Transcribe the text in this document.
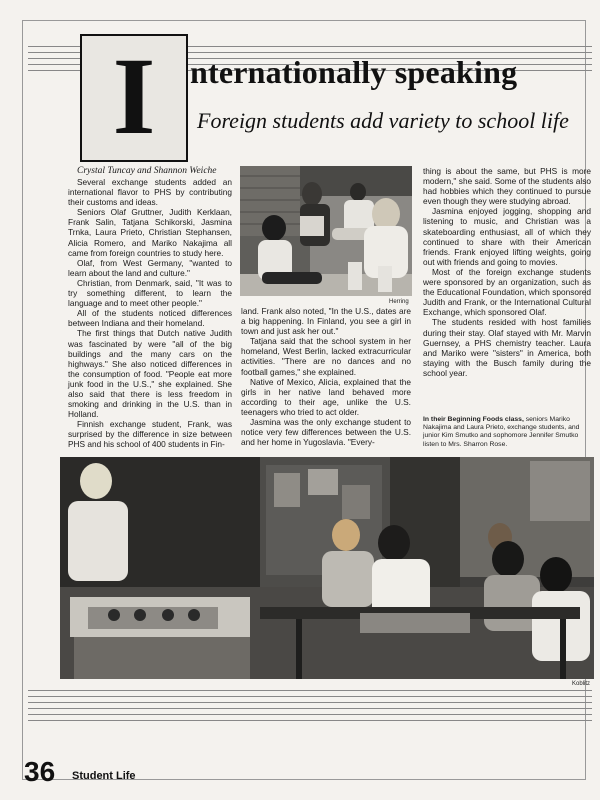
I nternationally speaking
Foreign students add variety to school life

Crystal Tuncay and Shannon Weiche

Several exchange students added an international flavor to PHS by contributing their customs and ideas.

Seniors Olaf Gruttner, Judith Kerklaan, Frank Salin, Tatjana Schikorski, Jasmina Trnka, Laura Prieto, Christian Stephansen, Alicia Romero, and Mariko Nakajima all came from foreign countries to study here.

Olaf, from West Germany, "wanted to learn about the land and culture."

Christian, from Denmark, said, "It was to try something different, to learn the language and to meet other people."

All of the students noticed differences between Indiana and their homeland.

The first things that Dutch native Judith was fascinated by were "all of the big buildings and the many cars on the highways." She also noticed differences in the consumption of food. "People eat more junk food in the U.S.," she explained. She also said that there is less freedom in smoking and drinking in the U.S. than in Holland.

Finnish exchange student, Frank, was surprised by the difference in size between PHS and his school of 400 students in Fin-

Herring

land. Frank also noted, "In the U.S., dates are a big happening. In Finland, you see a girl in town and just ask her out."

Tatjana said that the school system in her homeland, West Berlin, lacked extracurricular activities. "There are no dances and no football games," she explained.

Native of Mexico, Alicia, explained that the girls in her native land behaved more according to their age, unlike the U.S. teenagers who tried to act older.

Jasmina was the only exchange student to notice very few differences between the U.S. and her home in Yugoslavia. "Every-

thing is about the same, but PHS is more modern," she said. Some of the students also had hobbies which they continued to pursue even though they were studying abroad.

Jasmina enjoyed jogging, shopping and listening to music, and Christian was a skateboarding enthusiast, all of which they continued to share with their American friends. Frank enjoyed lifting weights, going out with friends and going to movies.

Most of the foreign exchange students were sponsored by an organization, such as the Educational Foundation, which sponsored Judith and Frank, or the International Cultural Exchange, which sponsored Olaf.

The students resided with host families during their stay. Olaf stayed with Mr. Marvin Guernsey, a PHS chemistry teacher. Laura and Mariko were "sisters" in America, both staying with the Busch family during the school year.

In their Beginning Foods class, seniors Mariko Nakajima and Laura Prieto, exchange students, and junior Kim Smutko and sophomore Jennifer Smutko listen to Mrs. Sharron Rose.
Koblitz
36 Student Life
